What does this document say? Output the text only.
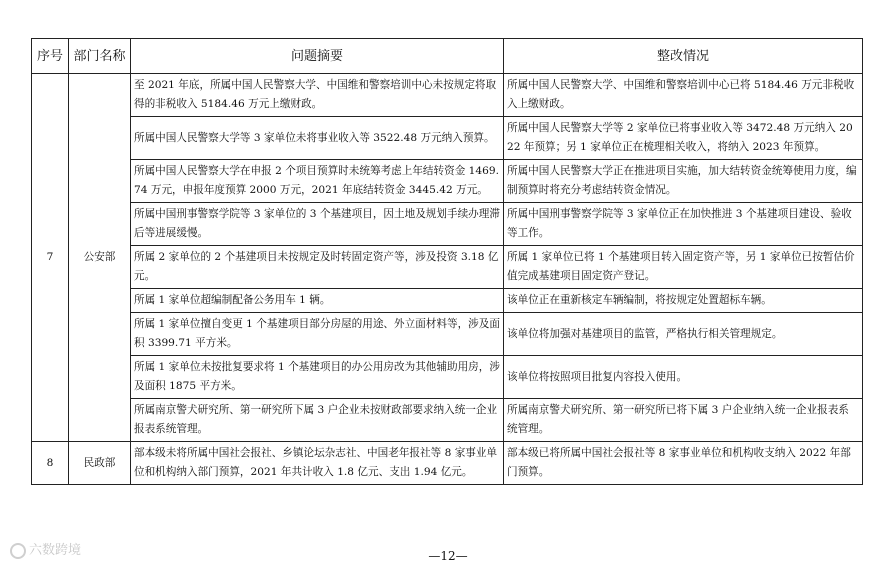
序号	部门名称	问题摘要	整改情况
7	公安部	至 2021 年底，所属中国人民警察大学、中国维和警察培训中心未按规定将取得的非税收入 5184.46 万元上缴财政。	所属中国人民警察大学、中国维和警察培训中心已将 5184.46 万元非税收入上缴财政。
		所属中国人民警察大学等 3 家单位未将事业收入等 3522.48 万元纳入预算。	所属中国人民警察大学等 2 家单位已将事业收入等 3472.48 万元纳入 2022 年预算；另 1 家单位正在梳理相关收入，将纳入 2023 年预算。
		所属中国人民警察大学在申报 2 个项目预算时未统筹考虑上年结转资金 1469.74 万元，申报年度预算 2000 万元，2021 年底结转资金 3445.42 万元。	所属中国人民警察大学正在推进项目实施，加大结转资金统筹使用力度，编制预算时将充分考虑结转资金情况。
		所属中国刑事警察学院等 3 家单位的 3 个基建项目，因土地及规划手续办理滞后等进展缓慢。	所属中国刑事警察学院等 3 家单位正在加快推进 3 个基建项目建设、验收等工作。
		所属 2 家单位的 2 个基建项目未按规定及时转固定资产等，涉及投资 3.18 亿元。	所属 1 家单位已将 1 个基建项目转入固定资产等，另 1 家单位已按暂估价值完成基建项目固定资产登记。
		所属 1 家单位超编制配备公务用车 1 辆。	该单位正在重新核定车辆编制，将按规定处置超标车辆。
		所属 1 家单位擅自变更 1 个基建项目部分房屋的用途、外立面材料等，涉及面积 3399.71 平方米。	该单位将加强对基建项目的监管，严格执行相关管理规定。
		所属 1 家单位未按批复要求将 1 个基建项目的办公用房改为其他辅助用房，涉及面积 1875 平方米。	该单位将按照项目批复内容投入使用。
		所属南京警犬研究所、第一研究所下属 3 户企业未按财政部要求纳入统一企业报表系统管理。	所属南京警犬研究所、第一研究所已将下属 3 户企业纳入统一企业报表系统管理。
8	民政部	部本级未将所属中国社会报社、乡镇论坛杂志社、中国老年报社等 8 家事业单位和机构纳入部门预算，2021 年共计收入 1.8 亿元、支出 1.94 亿元。	部本级已将所属中国社会报社等 8 家事业单位和机构收支纳入 2022 年部门预算。
—12—
六数跨境
